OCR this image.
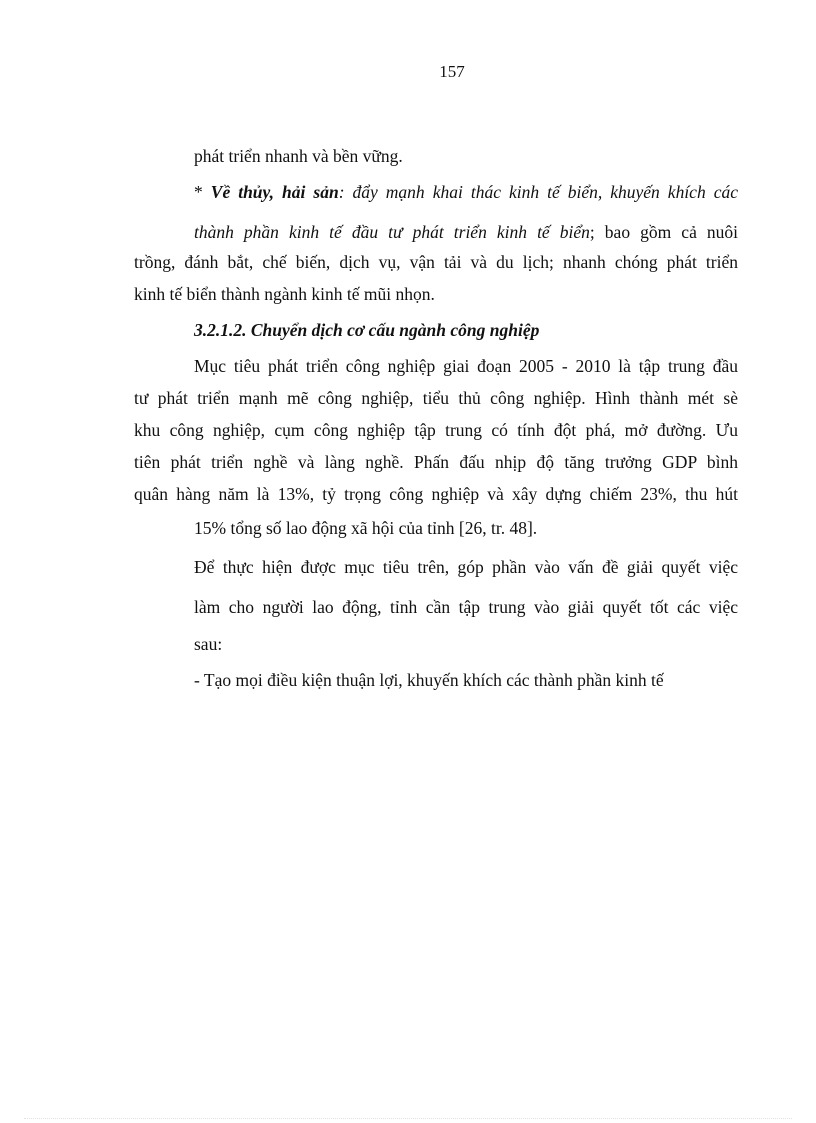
157
phát triển nhanh và bền vững.
* Về thủy, hải sản: đẩy mạnh khai thác kinh tế biển, khuyến khích các
thành phần kinh tế đầu tư phát triển kinh tế biển; bao gồm cả nuôi
trồng, đánh bắt, chế biến, dịch vụ, vận tải và du lịch; nhanh chóng phát triển
kinh tế biển thành ngành kinh tế mũi nhọn.
3.2.1.2. Chuyển dịch cơ cấu ngành công nghiệp
Mục tiêu phát triển công nghiệp giai đoạn 2005 - 2010 là tập trung đầu
tư phát triển mạnh mẽ công nghiệp, tiểu thủ công nghiệp. Hình thành mét sè
khu công nghiệp, cụm công nghiệp tập trung có tính đột phá, mở đường. Ưu
tiên phát triển nghề và làng nghề. Phấn đấu nhịp độ tăng trưởng GDP bình
quân hàng năm là 13%, tỷ trọng công nghiệp và xây dựng chiếm 23%, thu hút
15% tổng số lao động xã hội của tỉnh [26, tr. 48].
Để thực hiện được mục tiêu trên, góp phần vào vấn đề giải quyết việc
làm cho người lao động, tỉnh cần tập trung vào giải quyết tốt các việc
sau:
- Tạo mọi điều kiện thuận lợi, khuyến khích các thành phần kinh tế
